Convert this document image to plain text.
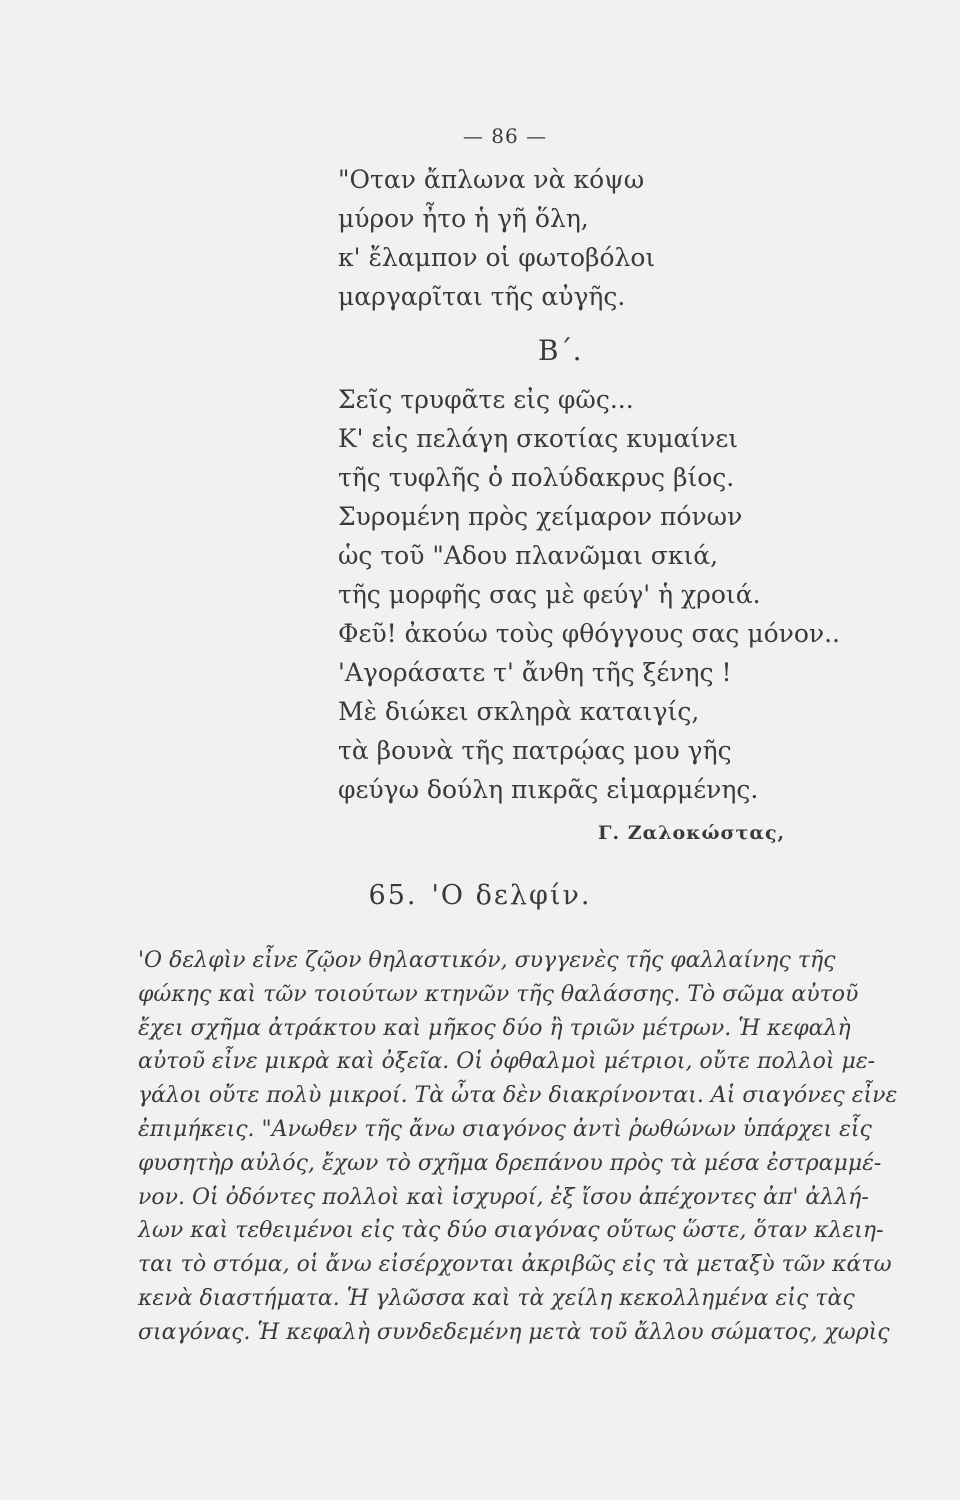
— 86 —

"Οταν ἄπλωνα νὰ κόψω
μύρον ἦτο ἡ γῆ ὅλη,
κ' ἔλαμπον οἱ φωτοβόλοι
μαργαρῖται τῆς αὐγῆς.

Β΄.

Σεῖς τρυφᾶτε εἰς φῶς...
Κ' εἰς πελάγη σκοτίας κυμαίνει
τῆς τυφλῆς ὁ πολύδακρυς βίος.
Συρομένη πρὸς χείμαρον πόνων
ὡς τοῦ "Αδου πλανῶμαι σκιά,
τῆς μορφῆς σας μὲ φεύγ' ἡ χροιά.
Φεῦ! ἀκούω τοὺς φθόγγους σας μόνον..
'Αγοράσατε τ' ἄνθη τῆς ξένης !
Μὲ διώκει σκληρὰ καταιγίς,
τὰ βουνὰ τῆς πατρῴας μου γῆς
φεύγω δούλη πικρᾶς εἱμαρμένης.

Γ. Ζαλοκώστας,
65. 'Ο δελφίν.

'Ο δελφὶν εἶνε ζῷον θηλαστικόν, συγγενὲς τῆς φαλλαίνης τῆς
φώκης καὶ τῶν τοιούτων κτηνῶν τῆς θαλάσσης. Τὸ σῶμα αὐτοῦ
ἔχει σχῆμα ἀτράκτου καὶ μῆκος δύο ἢ τριῶν μέτρων. Ἡ κεφαλὴ
αὐτοῦ εἶνε μικρὰ καὶ ὀξεῖα. Οἱ ὀφθαλμοὶ μέτριοι, οὔτε πολλοὶ με-
γάλοι οὔτε πολὺ μικροί. Τὰ ὦτα δὲν διακρίνονται. Αἱ σιαγόνες εἶνε
ἐπιμήκεις. "Ανωθεν τῆς ἄνω σιαγόνος ἀντὶ ῥωθώνων ὑπάρχει εἷς
φυσητὴρ αὐλός, ἔχων τὸ σχῆμα δρεπάνου πρὸς τὰ μέσα ἐστραμμέ-
νον. Οἱ ὀδόντες πολλοὶ καὶ ἰσχυροί, ἐξ ἴσου ἀπέχοντες ἀπ' ἀλλή-
λων καὶ τεθειμένοι εἰς τὰς δύο σιαγόνας οὕτως ὥστε, ὅταν κλειη-
ται τὸ στόμα, οἱ ἄνω εἰσέρχονται ἀκριβῶς εἰς τὰ μεταξὺ τῶν κάτω
κενὰ διαστήματα. Ἡ γλῶσσα καὶ τὰ χείλη κεκολλημένα εἰς τὰς
σιαγόνας. Ἡ κεφαλὴ συνδεδεμένη μετὰ τοῦ ἄλλου σώματος, χωρὶς
